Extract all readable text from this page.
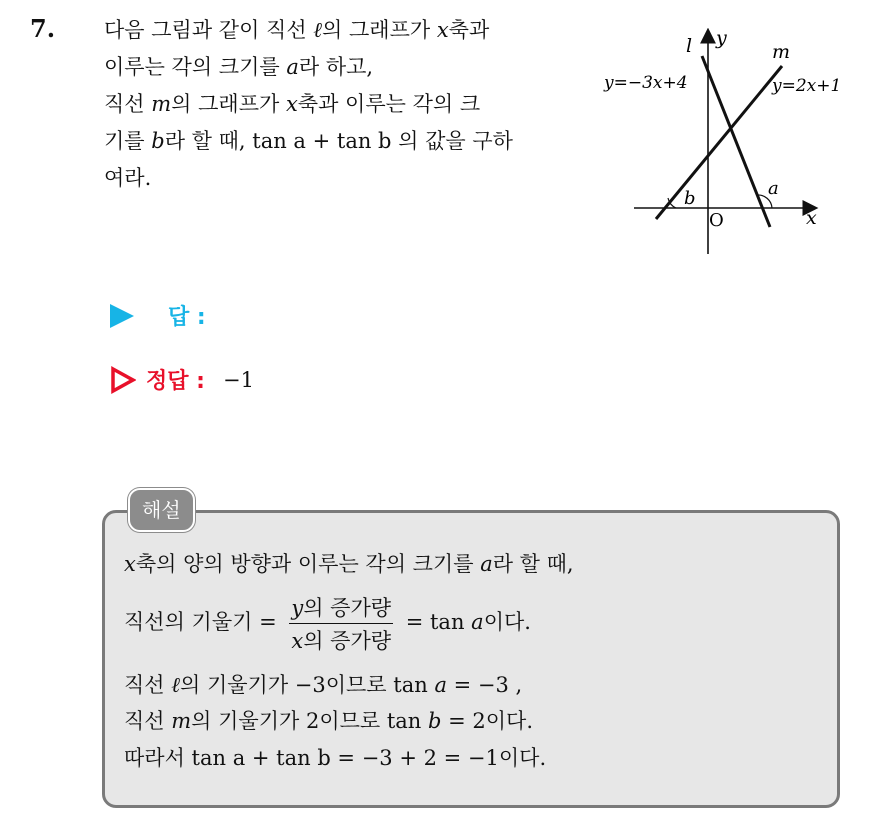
7. 다음 그림과 같이 직선 ℓ의 그래프가 x축과
이루는 각의 크기를 a라 하고,
직선 m의 그래프가 x축과 이루는 각의 크
기를 b라 할 때, tan a + tan b 의 값을 구하
여라.
l y
m
x
O
y=−3x+4	y=2x+1
a
b
답 :
정답 : −1
해설
x축의 양의 방향과 이루는 각의 크기를 a라 할 때,
직선의 기울기 = $\frac{\text{y의 증가량}}{\text{x의 증가량}} = \tan a$이다.
직선 ℓ의 기울기가 −3이므로 tan a = −3 ,
직선 m의 기울기가 2이므로 tan b = 2이다.
따라서 tan a + tan b = −3 + 2 = −1이다.
